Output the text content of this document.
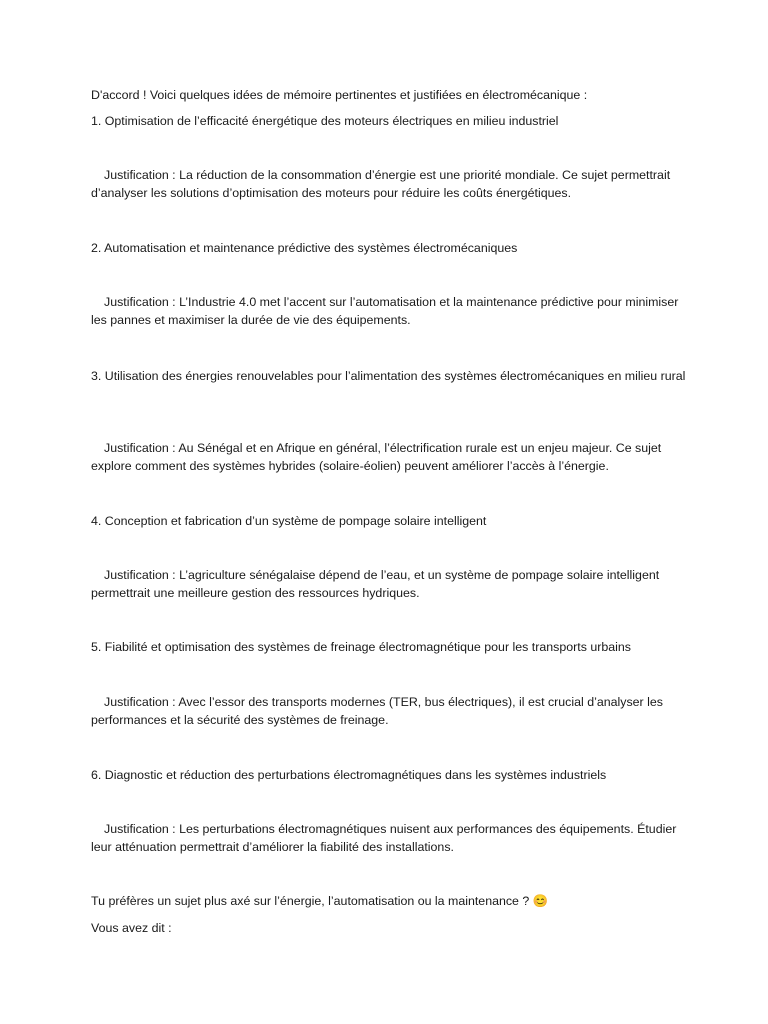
D'accord ! Voici quelques idées de mémoire pertinentes et justifiées en électromécanique :

1. Optimisation de l’efficacité énergétique des moteurs électriques en milieu industriel

Justification : La réduction de la consommation d’énergie est une priorité mondiale. Ce sujet permettrait d’analyser les solutions d’optimisation des moteurs pour réduire les coûts énergétiques.

2. Automatisation et maintenance prédictive des systèmes électromécaniques

Justification : L’Industrie 4.0 met l’accent sur l’automatisation et la maintenance prédictive pour minimiser les pannes et maximiser la durée de vie des équipements.

3. Utilisation des énergies renouvelables pour l’alimentation des systèmes électromécaniques en milieu rural

Justification : Au Sénégal et en Afrique en général, l’électrification rurale est un enjeu majeur. Ce sujet explore comment des systèmes hybrides (solaire-éolien) peuvent améliorer l’accès à l’énergie.

4. Conception et fabrication d’un système de pompage solaire intelligent

Justification : L’agriculture sénégalaise dépend de l’eau, et un système de pompage solaire intelligent permettrait une meilleure gestion des ressources hydriques.

5. Fiabilité et optimisation des systèmes de freinage électromagnétique pour les transports urbains

Justification : Avec l’essor des transports modernes (TER, bus électriques), il est crucial d’analyser les performances et la sécurité des systèmes de freinage.

6. Diagnostic et réduction des perturbations électromagnétiques dans les systèmes industriels

Justification : Les perturbations électromagnétiques nuisent aux performances des équipements. Étudier leur atténuation permettrait d’améliorer la fiabilité des installations.

Tu préfères un sujet plus axé sur l’énergie, l’automatisation ou la maintenance ? 😊

Vous avez dit :
